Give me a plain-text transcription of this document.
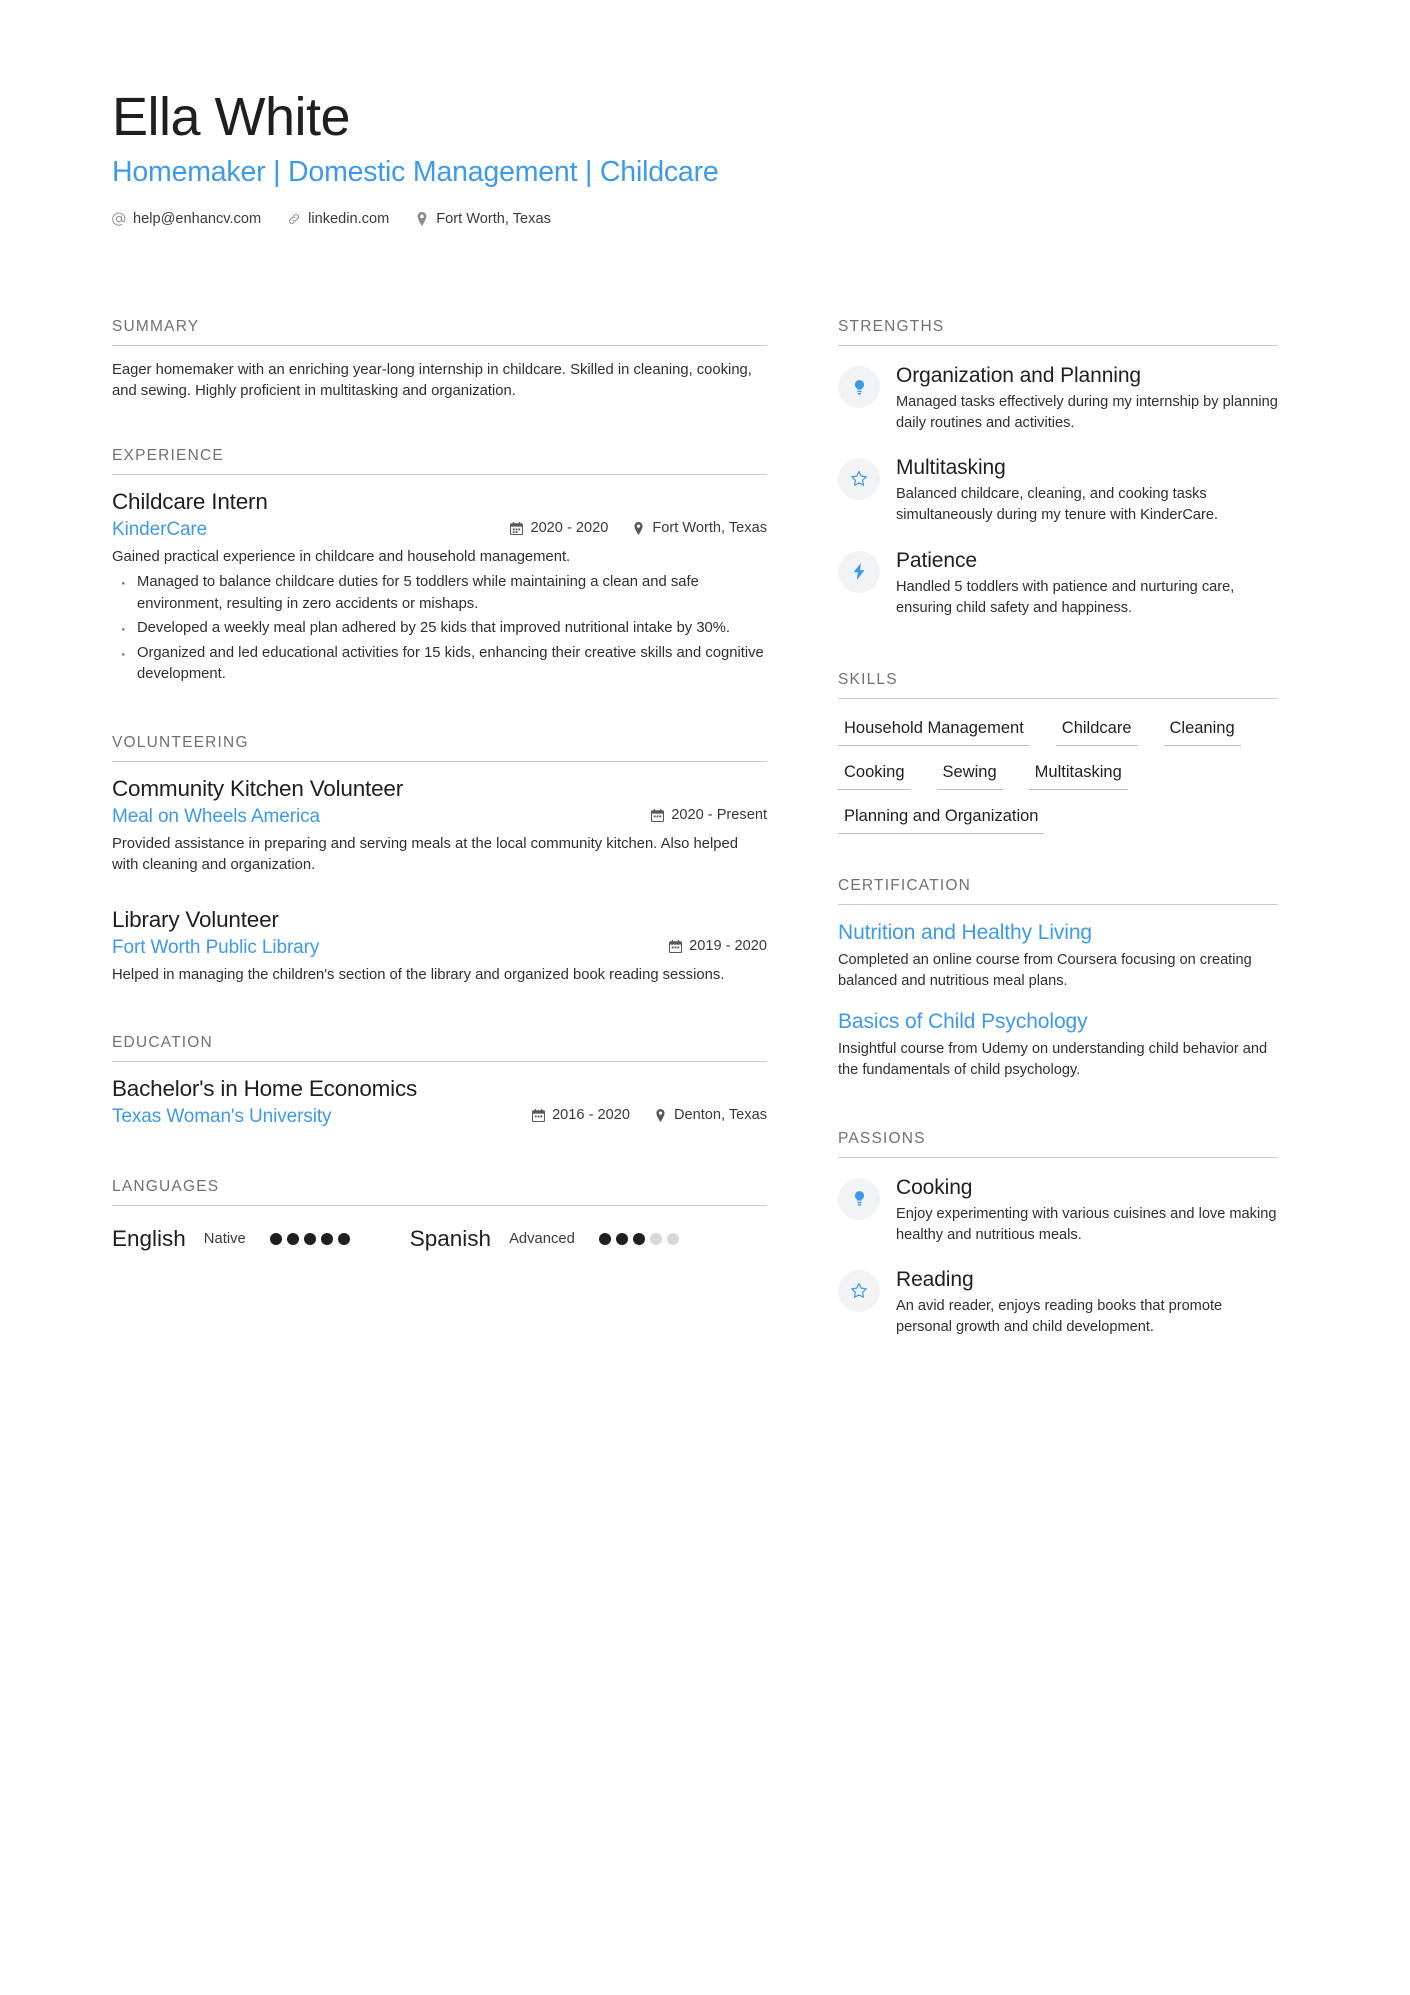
Ella White
Homemaker | Domestic Management | Childcare
help@enhancv.com	linkedin.com	Fort Worth, Texas
SUMMARY

Eager homemaker with an enriching year-long internship in childcare. Skilled in cleaning, cooking, and sewing. Highly proficient in multitasking and organization.

EXPERIENCE
Childcare Intern
KinderCare	2020 - 2020	Fort Worth, Texas

Gained practical experience in childcare and household management.

· Managed to balance childcare duties for 5 toddlers while maintaining a clean and safe environment, resulting in zero accidents or mishaps.
· Developed a weekly meal plan adhered by 25 kids that improved nutritional intake by 30%.
· Organized and led educational activities for 15 kids, enhancing their creative skills and cognitive development.
VOLUNTEERING
Community Kitchen Volunteer
Meal on Wheels America	2020 - Present

Provided assistance in preparing and serving meals at the local community kitchen. Also helped with cleaning and organization.

Library Volunteer
Fort Worth Public Library	2019 - 2020

Helped in managing the children's section of the library and organized book reading sessions.

EDUCATION
Bachelor's in Home Economics
Texas Woman's University	2016 - 2020	Denton, Texas
LANGUAGES
English Native	Spanish Advanced
STRENGTHS
Organization and Planning

Managed tasks effectively during my internship by planning daily routines and activities.

Multitasking

Balanced childcare, cleaning, and cooking tasks simultaneously during my tenure with KinderCare.

Patience

Handled 5 toddlers with patience and nurturing care, ensuring child safety and happiness.

SKILLS
Household Management	Childcare	Cleaning
Cooking	Sewing	Multitasking
Planning and Organization
CERTIFICATION
Nutrition and Healthy Living

Completed an online course from Coursera focusing on creating balanced and nutritious meal plans.

Basics of Child Psychology

Insightful course from Udemy on understanding child behavior and the fundamentals of child psychology.

PASSIONS
Cooking

Enjoy experimenting with various cuisines and love making healthy and nutritious meals.

Reading

An avid reader, enjoys reading books that promote personal growth and child development.
